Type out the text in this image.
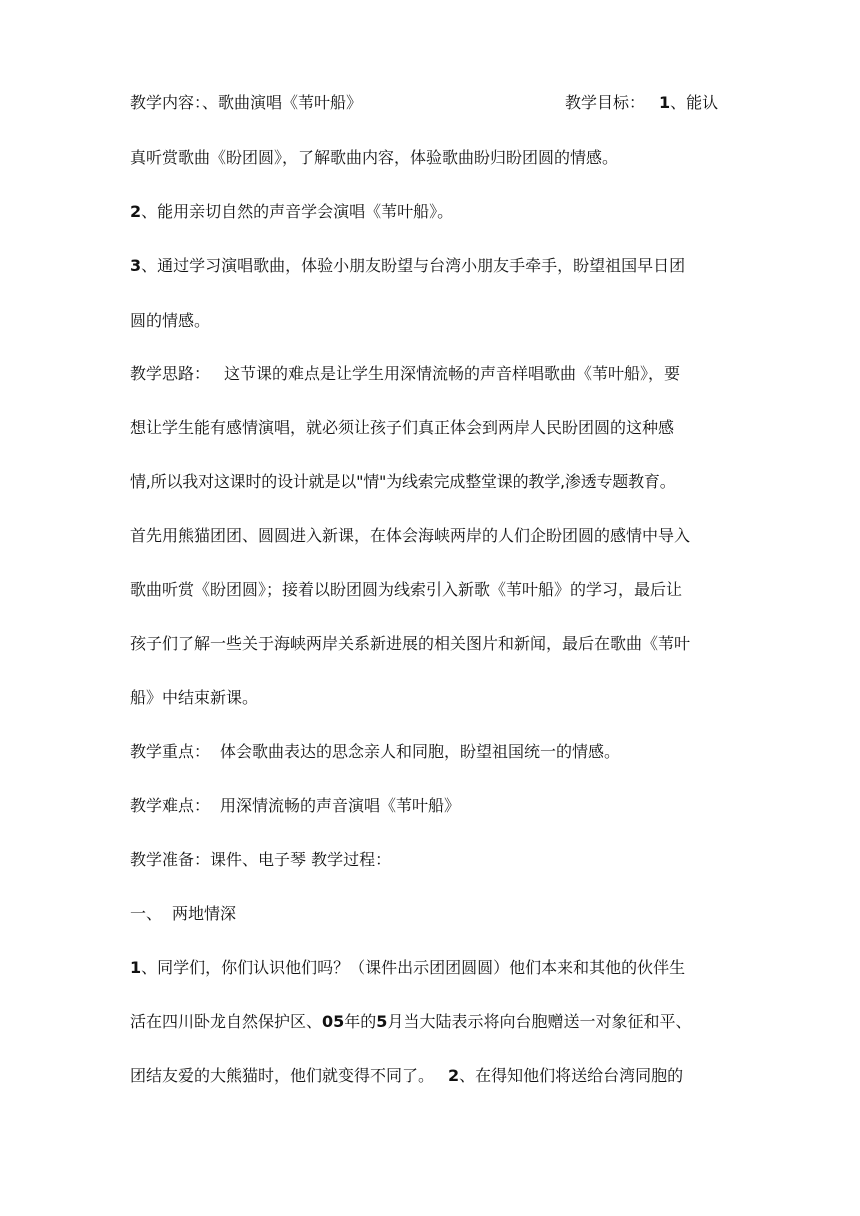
教学内容：、歌曲演唱《苇叶船》	教学目标： 1、能认
真听赏歌曲《盼团圆》，了解歌曲内容，体验歌曲盼归盼团圆的情感。
2、能用亲切自然的声音学会演唱《苇叶船》。
3、通过学习演唱歌曲，体验小朋友盼望与台湾小朋友手牵手，盼望祖国早日团
圆的情感。
教学思路： 这节课的难点是让学生用深情流畅的声音样唱歌曲《苇叶船》，要
想让学生能有感情演唱，就必须让孩子们真正体会到两岸人民盼团圆的这种感
情,所以我对这课时的设计就是以"情"为线索完成整堂课的教学,渗透专题教育。
首先用熊猫团团、圆圆进入新课，在体会海峡两岸的人们企盼团圆的感情中导入
歌曲听赏《盼团圆》；接着以盼团圆为线索引入新歌《苇叶船》的学习，最后让
孩子们了解一些关于海峡两岸关系新进展的相关图片和新闻，最后在歌曲《苇叶
船》中结束新课。
教学重点： 体会歌曲表达的思念亲人和同胞，盼望祖国统一的情感。
教学难点： 用深情流畅的声音演唱《苇叶船》
教学准备：课件、电子琴 教学过程：
一、 两地情深
1、同学们，你们认识他们吗？（课件出示团团圆圆）他们本来和其他的伙伴生
活在四川卧龙自然保护区、05年的5月当大陆表示将向台胞赠送一对象征和平、
团结友爱的大熊猫时，他们就变得不同了。 2、在得知他们将送给台湾同胞的
